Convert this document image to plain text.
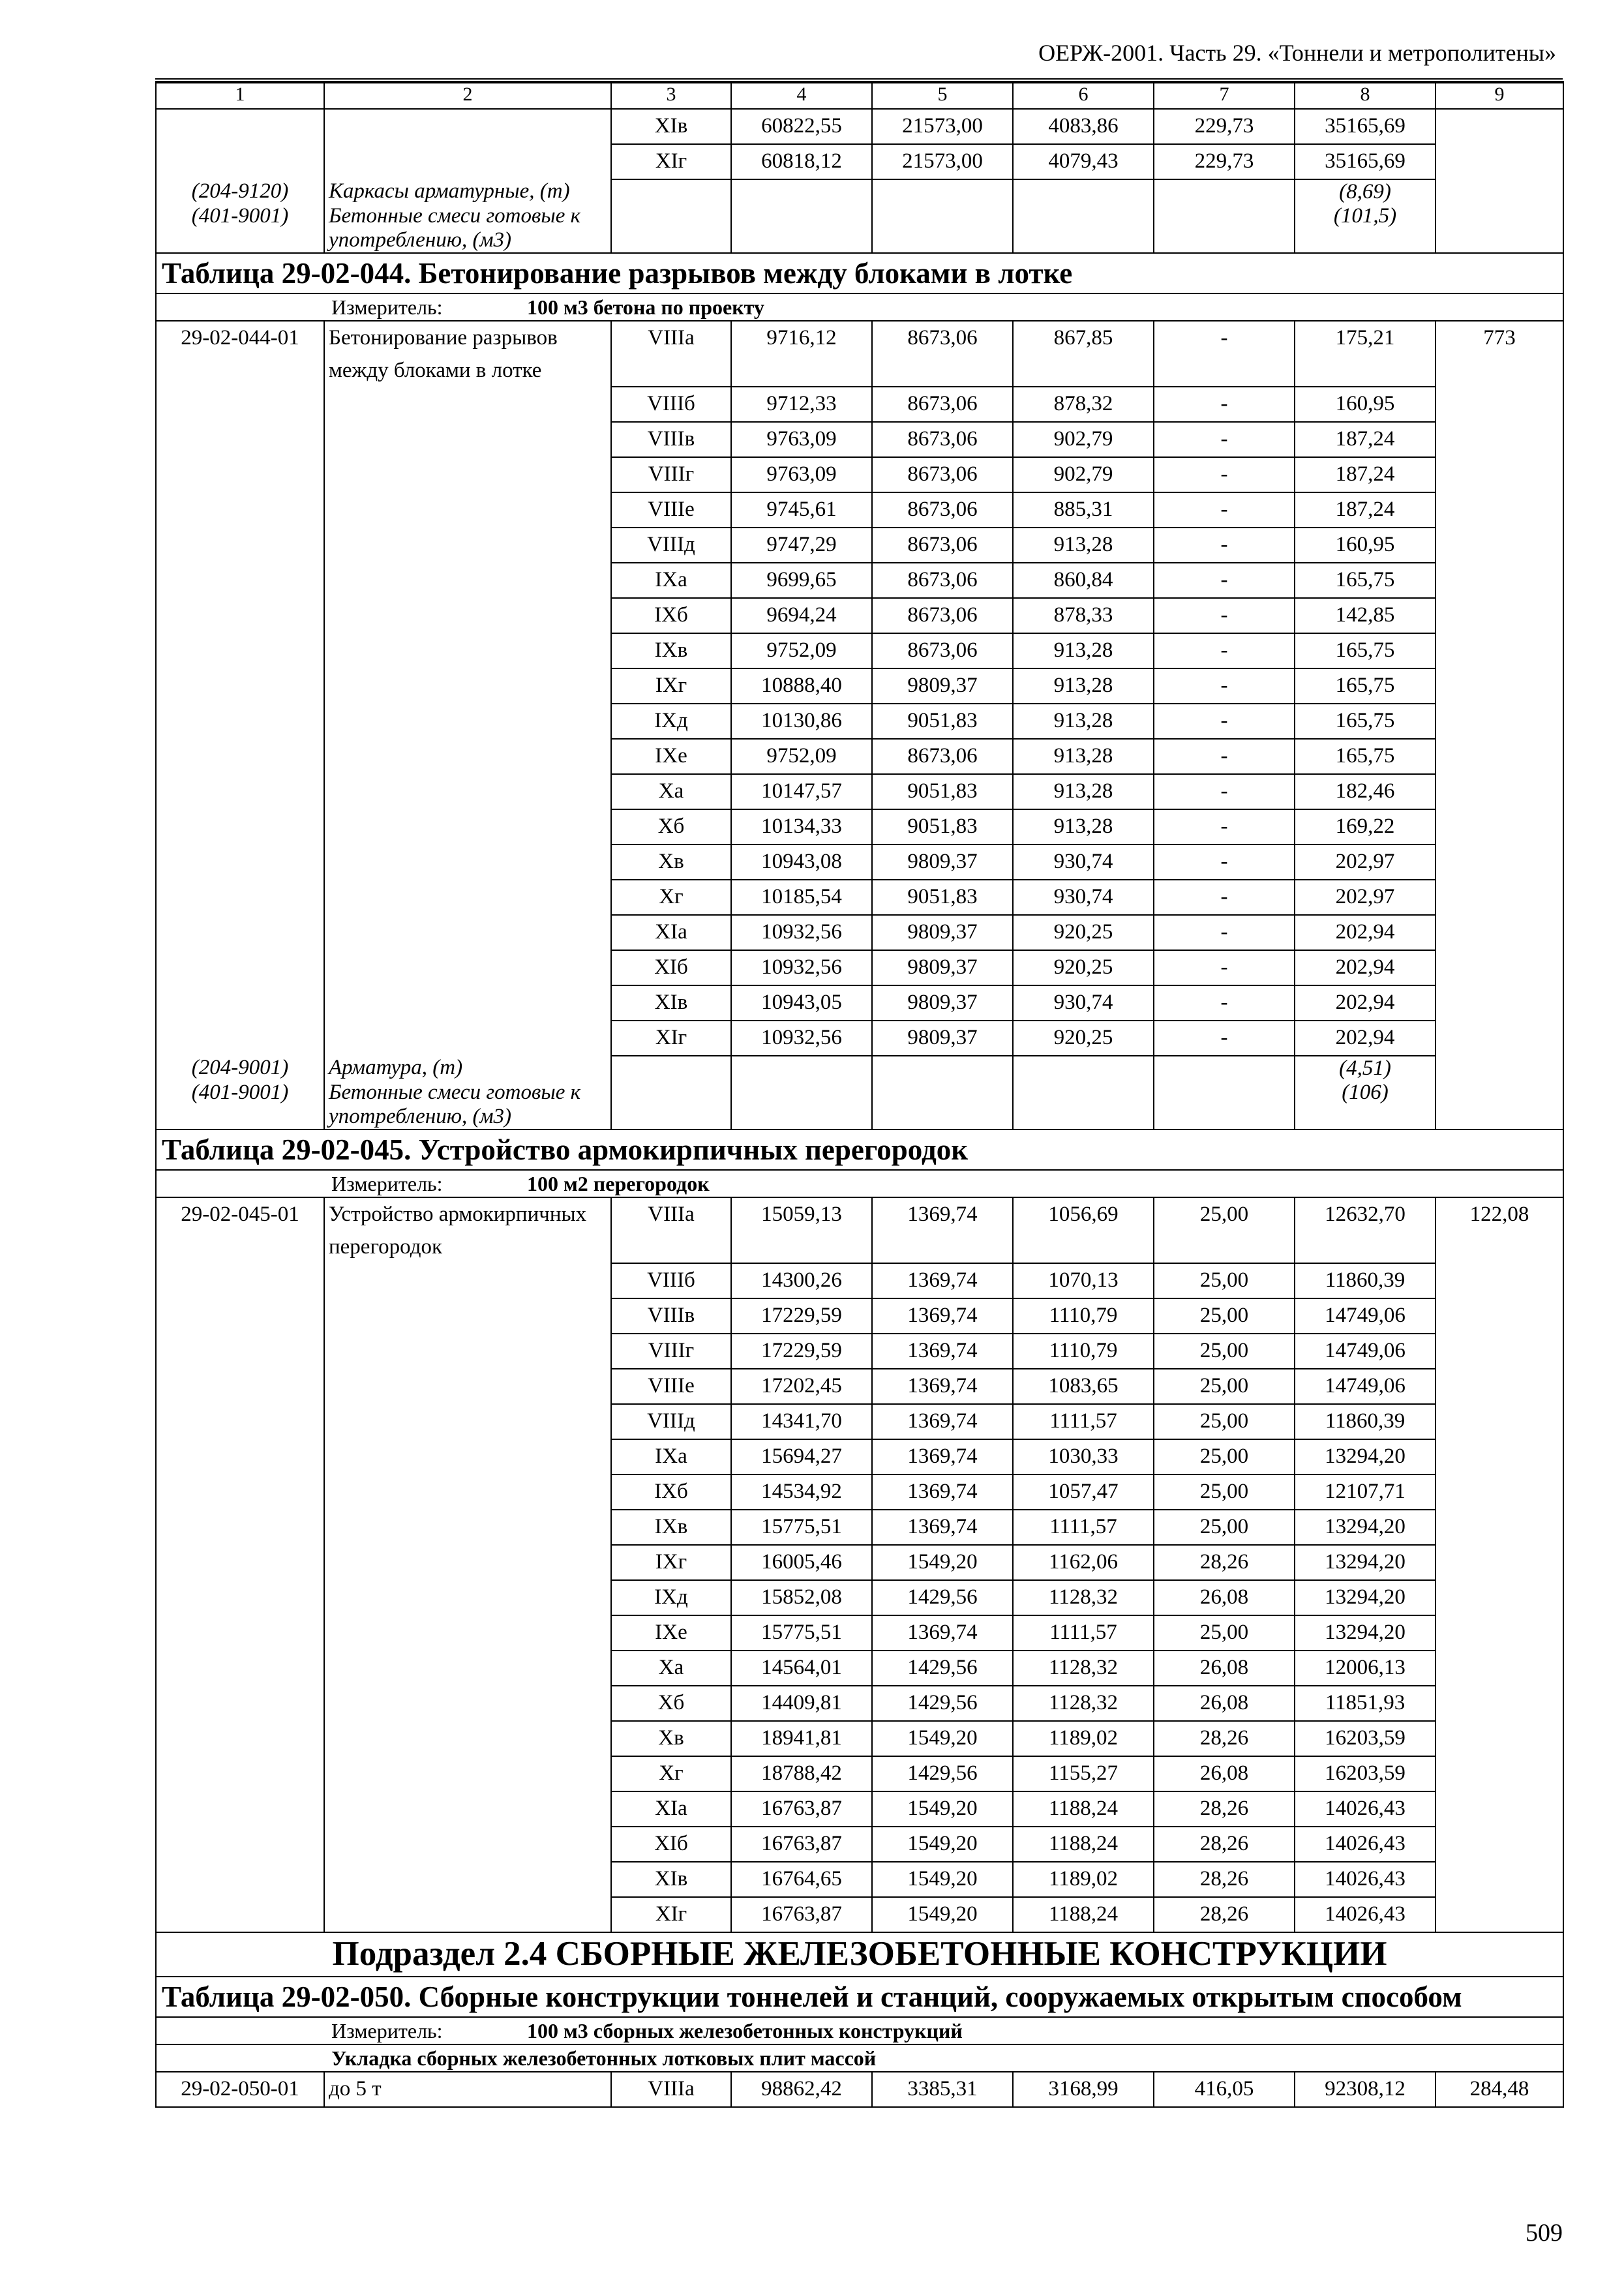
ОЕРЖ-2001. Часть 29. «Тоннели и метрополитены»
1	2	3	4	5	6	7	8	9
		XIв	60822,55	21573,00	4083,86	229,73	35165,69	
		XIг	60818,12	21573,00	4079,43	229,73	35165,69	
(204-9120)	Каркасы арматурные, (т)						(8,69)	
(401-9001)	Бетонные смеси готовые к употреблению, (м3)						(101,5)	
Таблица 29-02-044. Бетонирование разрывов между блоками в лотке								
Измеритель: 100 м3 бетона по проекту								
29-02-044-01	Бетонирование разрывов между блоками в лотке	VIIIа	9716,12	8673,06	867,85	-	175,21	773
		VIIIб	9712,33	8673,06	878,32	-	160,95	
		VIIIв	9763,09	8673,06	902,79	-	187,24	
		VIIIг	9763,09	8673,06	902,79	-	187,24	
		VIIIе	9745,61	8673,06	885,31	-	187,24	
		VIIIд	9747,29	8673,06	913,28	-	160,95	
		IXа	9699,65	8673,06	860,84	-	165,75	
		IXб	9694,24	8673,06	878,33	-	142,85	
		IXв	9752,09	8673,06	913,28	-	165,75	
		IXг	10888,40	9809,37	913,28	-	165,75	
		IXд	10130,86	9051,83	913,28	-	165,75	
		IXе	9752,09	8673,06	913,28	-	165,75	
		Xа	10147,57	9051,83	913,28	-	182,46	
		Xб	10134,33	9051,83	913,28	-	169,22	
		Xв	10943,08	9809,37	930,74	-	202,97	
		Xг	10185,54	9051,83	930,74	-	202,97	
		XIа	10932,56	9809,37	920,25	-	202,94	
		XIб	10932,56	9809,37	920,25	-	202,94	
		XIв	10943,05	9809,37	930,74	-	202,94	
		XIг	10932,56	9809,37	920,25	-	202,94	
(204-9001)	Арматура, (т)						(4,51)	
(401-9001)	Бетонные смеси готовые к употреблению, (м3)						(106)	
Таблица 29-02-045. Устройство армокирпичных перегородок								
Измеритель: 100 м2 перегородок								
29-02-045-01	Устройство армокирпичных перегородок	VIIIа	15059,13	1369,74	1056,69	25,00	12632,70	122,08
		VIIIб	14300,26	1369,74	1070,13	25,00	11860,39	
		VIIIв	17229,59	1369,74	1110,79	25,00	14749,06	
		VIIIг	17229,59	1369,74	1110,79	25,00	14749,06	
		VIIIе	17202,45	1369,74	1083,65	25,00	14749,06	
		VIIIд	14341,70	1369,74	1111,57	25,00	11860,39	
		IXа	15694,27	1369,74	1030,33	25,00	13294,20	
		IXб	14534,92	1369,74	1057,47	25,00	12107,71	
		IXв	15775,51	1369,74	1111,57	25,00	13294,20	
		IXг	16005,46	1549,20	1162,06	28,26	13294,20	
		IXд	15852,08	1429,56	1128,32	26,08	13294,20	
		IXе	15775,51	1369,74	1111,57	25,00	13294,20	
		Xа	14564,01	1429,56	1128,32	26,08	12006,13	
		Xб	14409,81	1429,56	1128,32	26,08	11851,93	
		Xв	18941,81	1549,20	1189,02	28,26	16203,59	
		Xг	18788,42	1429,56	1155,27	26,08	16203,59	
		XIа	16763,87	1549,20	1188,24	28,26	14026,43	
		XIб	16763,87	1549,20	1188,24	28,26	14026,43	
		XIв	16764,65	1549,20	1189,02	28,26	14026,43	
		XIг	16763,87	1549,20	1188,24	28,26	14026,43	
Подраздел 2.4 СБОРНЫЕ ЖЕЛЕЗОБЕТОННЫЕ КОНСТРУКЦИИ								
Таблица 29-02-050. Сборные конструкции тоннелей и станций, сооружаемых открытым способом								
Измеритель: 100 м3 сборных железобетонных конструкций								
Укладка сборных железобетонных лотковых плит массой								
29-02-050-01	до 5 т	VIIIа	98862,42	3385,31	3168,99	416,05	92308,12	284,48
509
